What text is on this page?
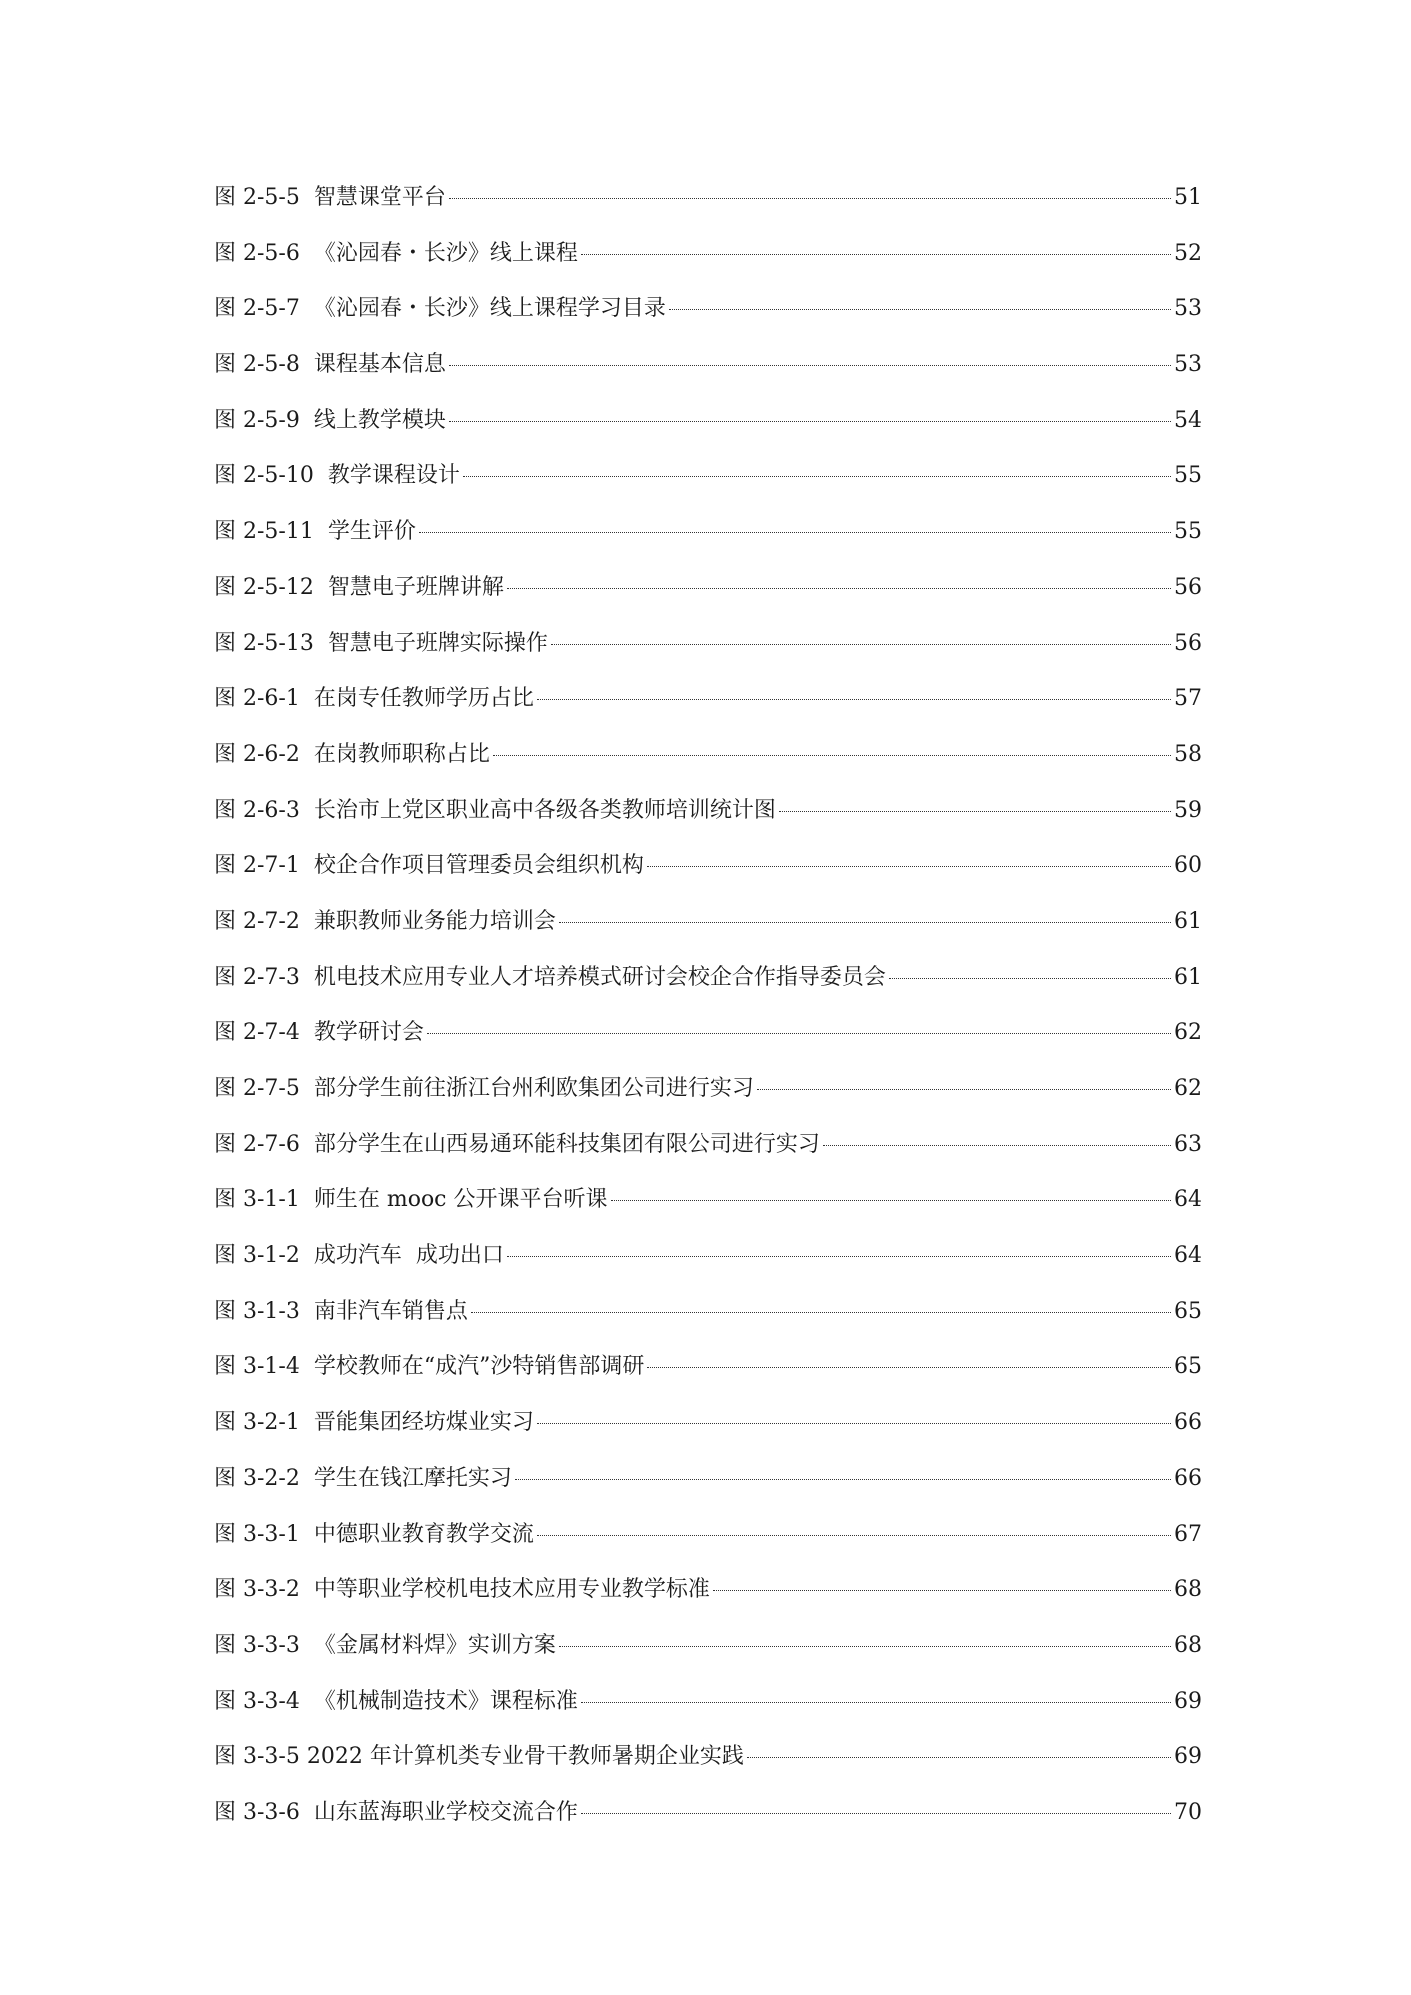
图 2-5-5  智慧课堂平台	51
图 2-5-6  《沁园春・长沙》线上课程	52
图 2-5-7  《沁园春・长沙》线上课程学习目录	53
图 2-5-8  课程基本信息	53
图 2-5-9  线上教学模块	54
图 2-5-10  教学课程设计	55
图 2-5-11  学生评价	55
图 2-5-12  智慧电子班牌讲解	56
图 2-5-13  智慧电子班牌实际操作	56
图 2-6-1  在岗专任教师学历占比	57
图 2-6-2  在岗教师职称占比	58
图 2-6-3  长治市上党区职业高中各级各类教师培训统计图	59
图 2-7-1  校企合作项目管理委员会组织机构	60
图 2-7-2  兼职教师业务能力培训会	61
图 2-7-3  机电技术应用专业人才培养模式研讨会校企合作指导委员会	61
图 2-7-4  教学研讨会	62
图 2-7-5  部分学生前往浙江台州利欧集团公司进行实习	62
图 2-7-6  部分学生在山西易通环能科技集团有限公司进行实习	63
图 3-1-1  师生在 mooc 公开课平台听课	64
图 3-1-2  成功汽车  成功出口	64
图 3-1-3  南非汽车销售点	65
图 3-1-4  学校教师在“成汽”沙特销售部调研	65
图 3-2-1  晋能集团经坊煤业实习	66
图 3-2-2  学生在钱江摩托实习	66
图 3-3-1  中德职业教育教学交流	67
图 3-3-2  中等职业学校机电技术应用专业教学标准	68
图 3-3-3  《金属材料焊》实训方案	68
图 3-3-4  《机械制造技术》课程标准	69
图 3-3-5 2022 年计算机类专业骨干教师暑期企业实践	69
图 3-3-6  山东蓝海职业学校交流合作	70
